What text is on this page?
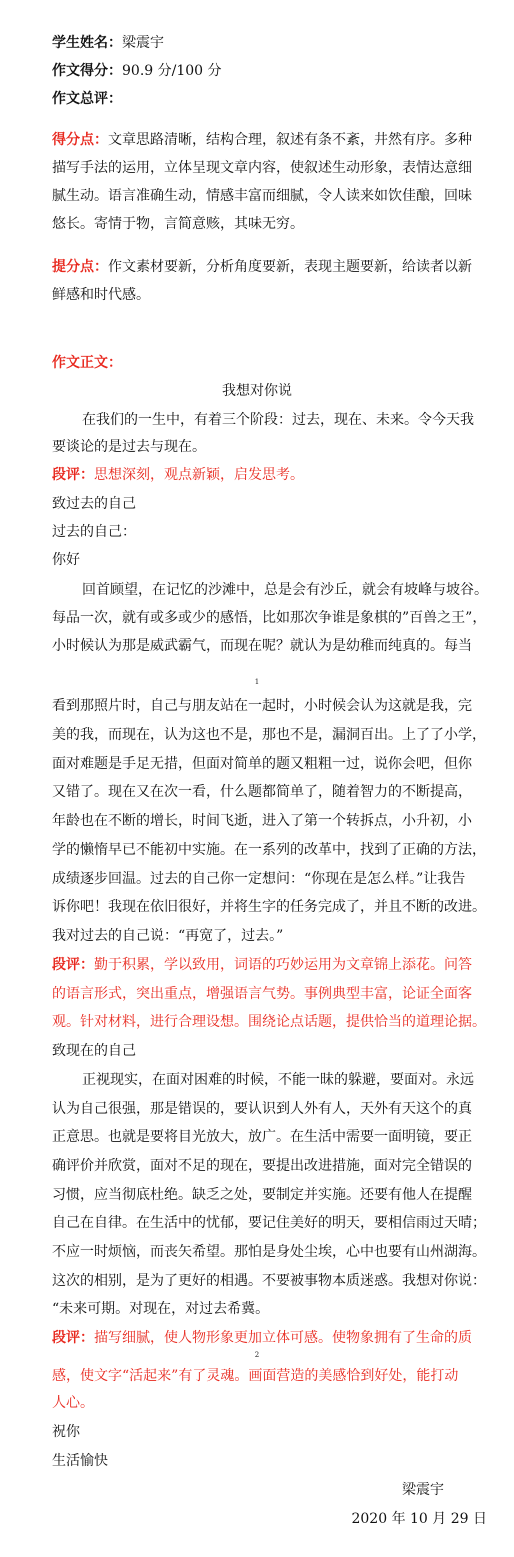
学生姓名：梁震宇
作文得分：90.9 分/100 分
作文总评：
得分点：文章思路清晰，结构合理，叙述有条不紊，井然有序。多种
描写手法的运用，立体呈现文章内容，使叙述生动形象，表情达意细
腻生动。语言准确生动，情感丰富而细腻，令人读来如饮佳酿，回味
悠长。寄情于物，言简意赅，其味无穷。
提分点：作文素材要新，分析角度要新，表现主题要新，给读者以新
鲜感和时代感。
作文正文：
我想对你说
在我们的一生中，有着三个阶段：过去，现在、未来。令今天我
要谈论的是过去与现在。
段评：思想深刻，观点新颖，启发思考。
致过去的自己
过去的自己：
你好
回首顾望，在记忆的沙滩中，总是会有沙丘，就会有坡峰与坡谷。
每品一次，就有或多或少的感悟，比如那次争谁是象棋的”百兽之王”，
小时候认为那是威武霸气，而现在呢？就认为是幼稚而纯真的。每当
1
看到那照片时，自己与朋友站在一起时，小时候会认为这就是我，完
美的我，而现在，认为这也不是，那也不是，漏洞百出。上了了小学，
面对难题是手足无措，但面对简单的题又粗粗一过，说你会吧，但你
又错了。现在又在次一看，什么题都简单了，随着智力的不断提高，
年龄也在不断的增长，时间飞逝，进入了第一个转拆点，小升初，小
学的懒惰早已不能初中实施。在一系列的改革中，找到了正确的方法，
成绩逐步回温。过去的自己你一定想问：“你现在是怎么样。”让我告
诉你吧！我现在依旧很好，并将生字的任务完成了，并且不断的改进。
我对过去的自己说：“再宽了，过去。”
段评：勤于积累，学以致用，词语的巧妙运用为文章锦上添花。问答
的语言形式，突出重点，增强语言气势。事例典型丰富，论证全面客
观。针对材料，进行合理设想。围绕论点话题，提供恰当的道理论据。
致现在的自己
正视现实，在面对困难的时候，不能一昧的躲避，要面对。永远
认为自己很强，那是错误的，要认识到人外有人，天外有天这个的真
正意思。也就是要将目光放大，放广。在生活中需要一面明镜，要正
确评价并欣赏，面对不足的现在，要提出改进措施，面对完全错误的
习惯，应当彻底杜绝。缺乏之处，要制定并实施。还要有他人在提醒
自己在自律。在生活中的忧郁，要记住美好的明天，要相信雨过天晴；
不应一时烦恼，而丧矢希望。那怕是身处尘埃，心中也要有山州湖海。
这次的相别，是为了更好的相遇。不要被事物本质迷惑。我想对你说：
“未来可期。对现在，对过去希冀。
段评：描写细腻，使人物形象更加立体可感。使物象拥有了生命的质
2
感，使文字“活起来”有了灵魂。画面营造的美感恰到好处，能打动
人心。
祝你
生活愉快
梁震宇
2020 年 10 月 29 日
